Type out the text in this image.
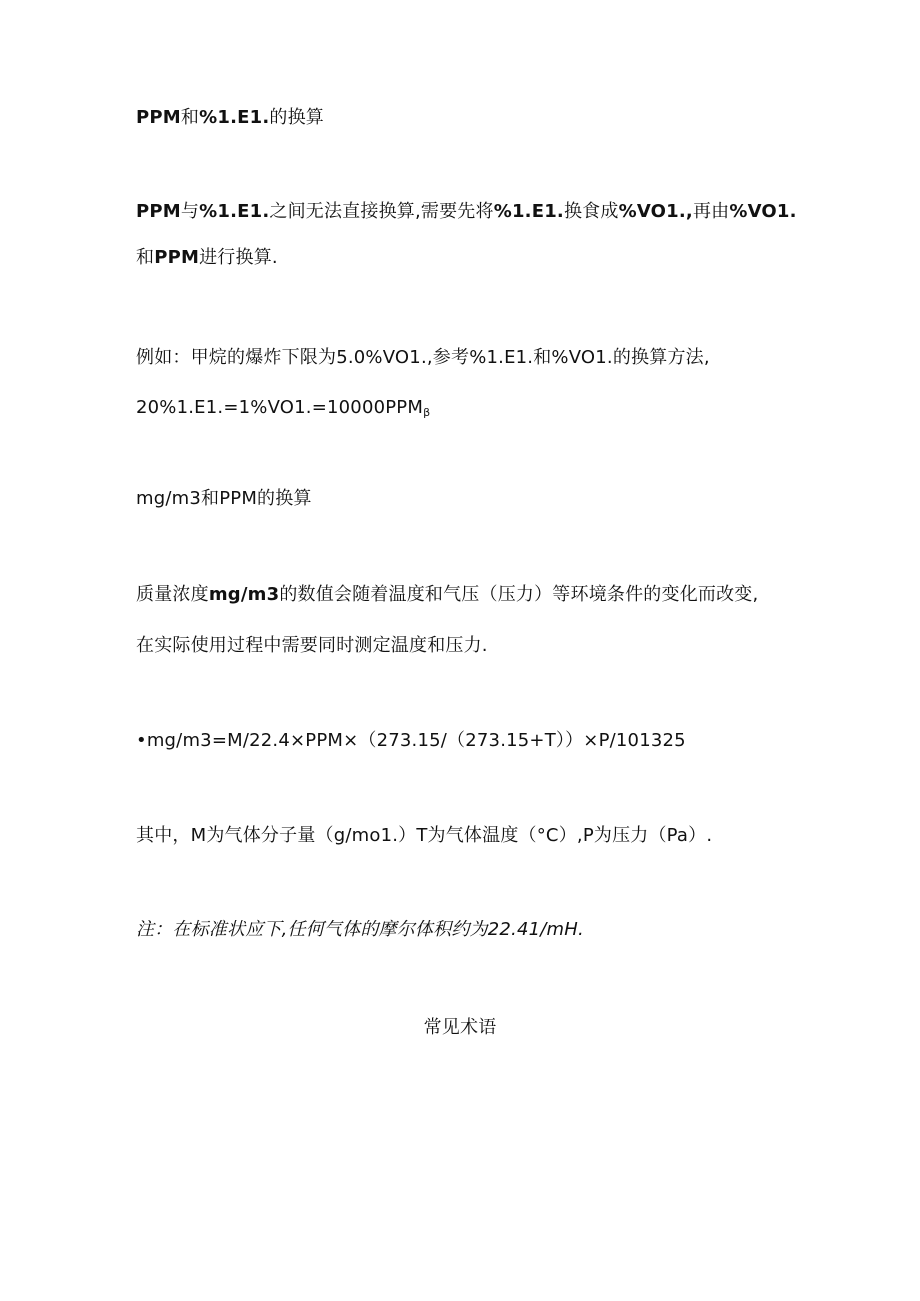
PPM和%1.E1.的换算
PPM与%1.E1.之间无法直接换算,需要先将%1.E1.换食成%VO1.,再由%VO1.
和PPM进行换算.
例如：甲烷的爆炸下限为5.0%VO1.,参考%1.E1.和%VO1.的换算方法,
$20\%1.E1.=1\%VO1.=10000PPM_\beta$
mg/m3和PPM的换算
质量浓度mg/m3的数值会随着温度和气压（压力）等环境条件的变化而改变,
在实际使用过程中需要同时测定温度和压力.
•mg/m3=M/22.4×PPM×（273.15/（273.15+T））×P/101325
其中，M为气体分子量（g/mo1.）T为气体温度（°C）,P为压力（Pa）.
注：在标准状应下,任何气体的摩尔体积约为22.41/mH.
常见术语
